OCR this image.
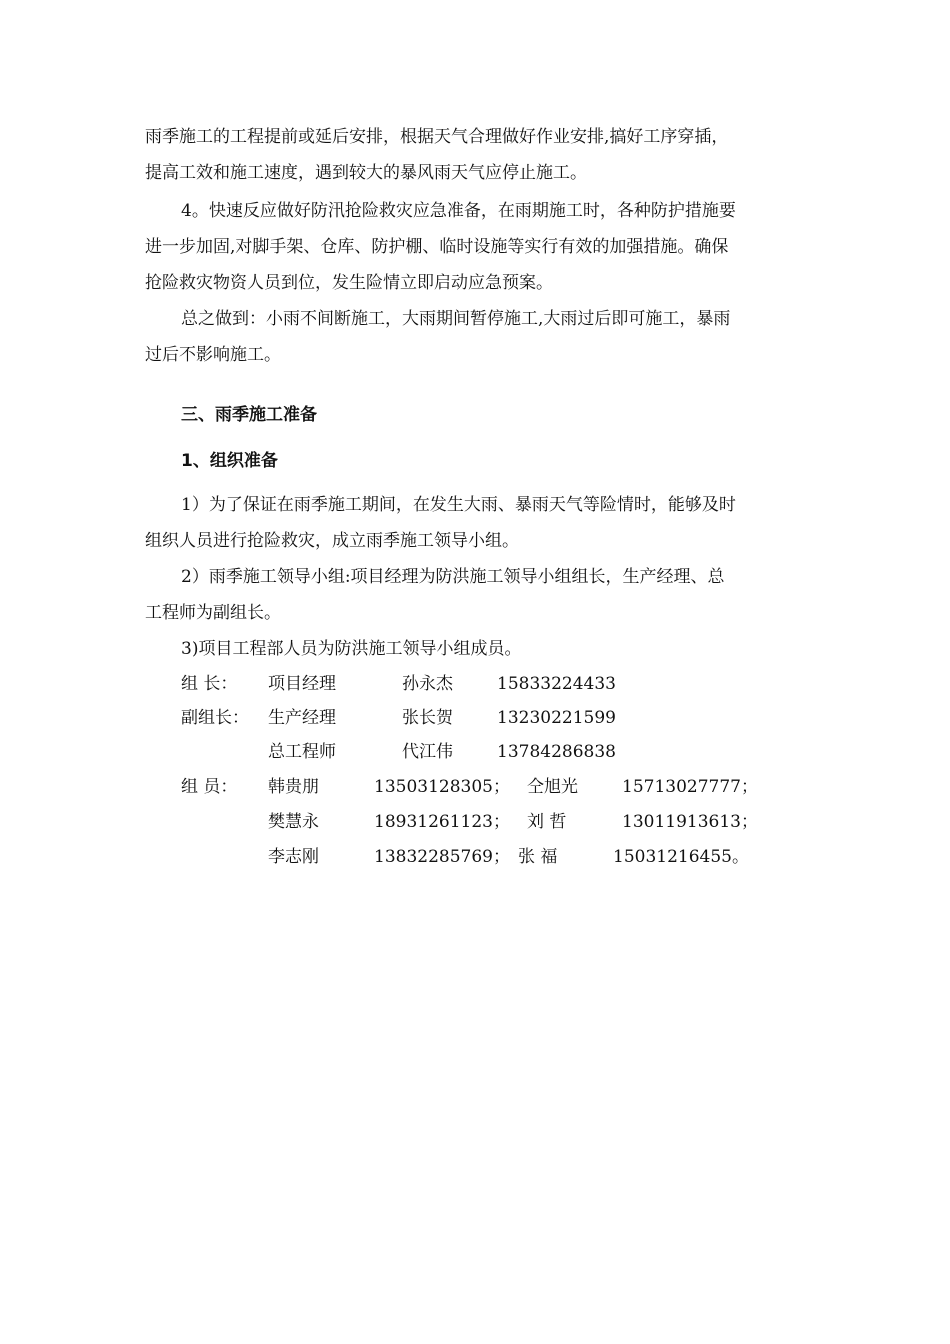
雨季施工的工程提前或延后安排，根据天气合理做好作业安排,搞好工序穿插，
提高工效和施工速度，遇到较大的暴风雨天气应停止施工。
4。快速反应做好防汛抢险救灾应急准备，在雨期施工时，各种防护措施要
进一步加固,对脚手架、仓库、防护棚、临时设施等实行有效的加强措施。确保
抢险救灾物资人员到位，发生险情立即启动应急预案。
总之做到：小雨不间断施工，大雨期间暂停施工,大雨过后即可施工，暴雨
过后不影响施工。
三、雨季施工准备
1、组织准备
1）为了保证在雨季施工期间，在发生大雨、暴雨天气等险情时，能够及时
组织人员进行抢险救灾，成立雨季施工领导小组。
2）雨季施工领导小组:项目经理为防洪施工领导小组组长，生产经理、总
工程师为副组长。
3)项目工程部人员为防洪施工领导小组成员。
组 长： 项目经理	孙永杰	15833224433
副组长： 生产经理	张长贺	13230221599
总工程师	代江伟	13784286838
组 员： 韩贵朋	13503128305； 仝旭光	15713027777；
樊慧永	18931261123； 刘 哲	13011913613；
李志刚	13832285769； 张 福	15031216455。
